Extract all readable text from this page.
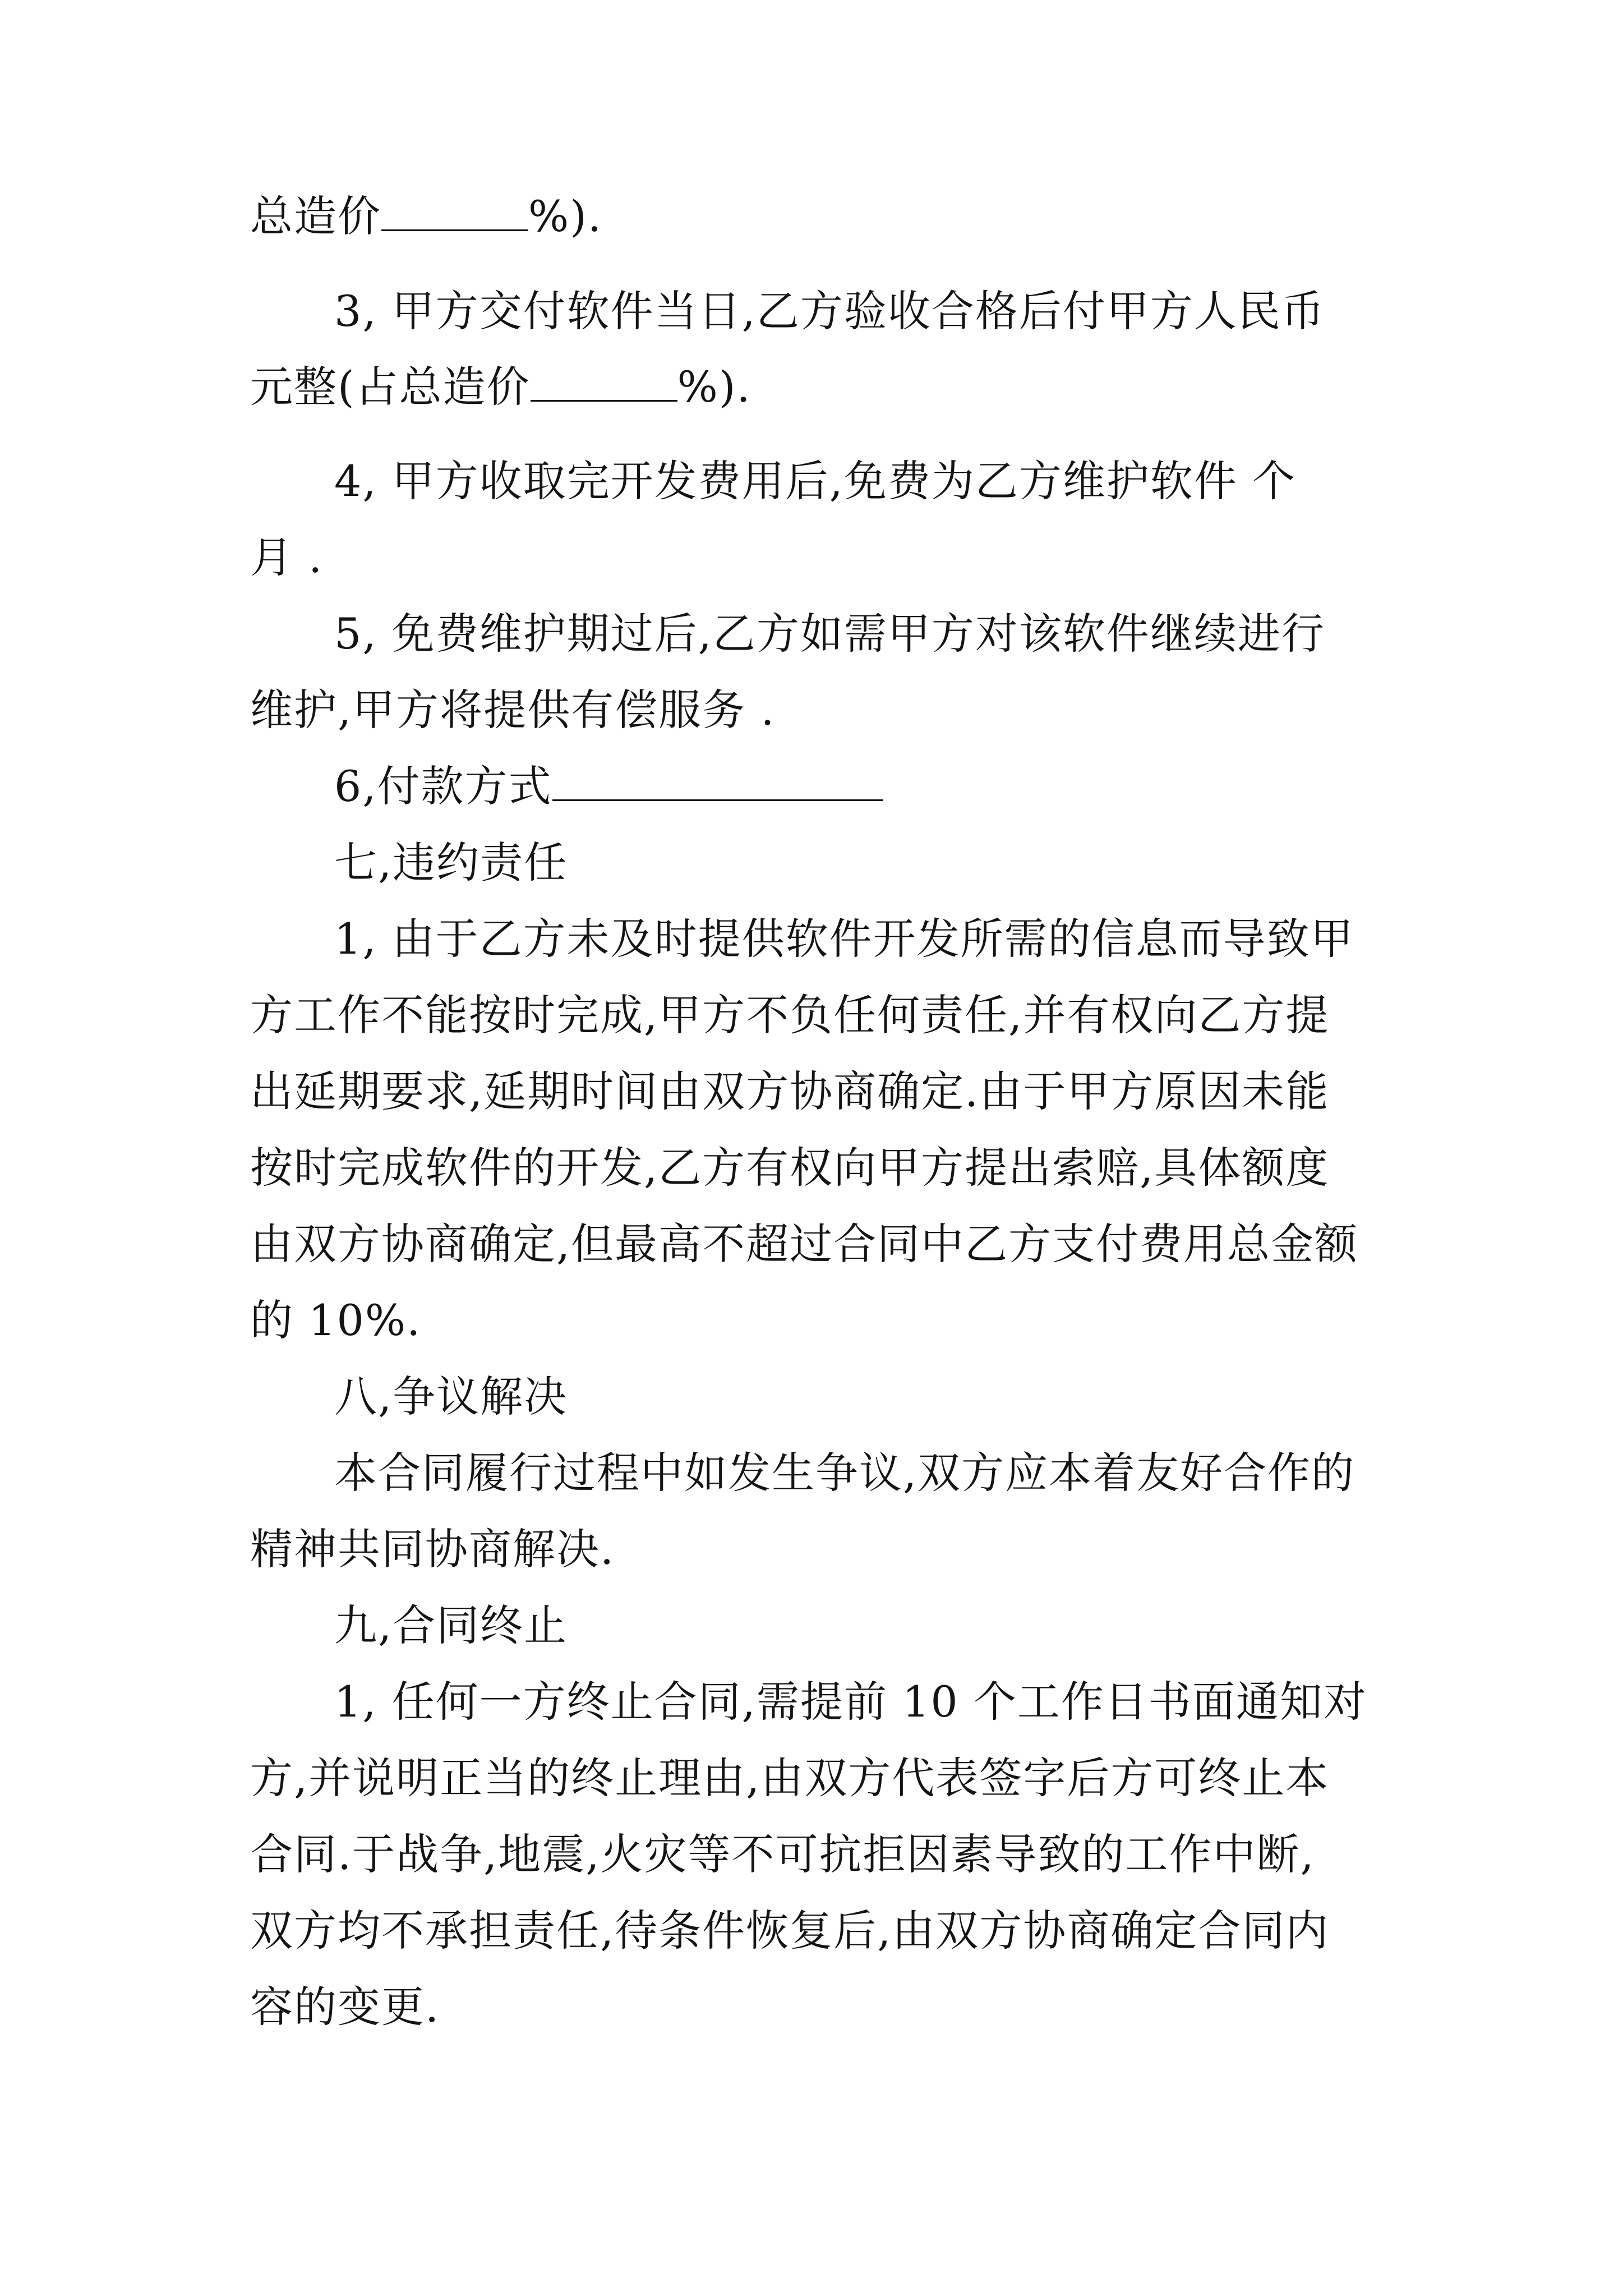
总造价	%).
3, 甲方交付软件当日,乙方验收合格后付甲方人民币
元整(占总造价	%).
4, 甲方收取完开发费用后,免费为乙方维护软件 个
月 .
5, 免费维护期过后,乙方如需甲方对该软件继续进行
维护,甲方将提供有偿服务 .
6,付款方式
七,违约责任
1, 由于乙方未及时提供软件开发所需的信息而导致甲
方工作不能按时完成,甲方不负任何责任,并有权向乙方提
出延期要求,延期时间由双方协商确定.由于甲方原因未能
按时完成软件的开发,乙方有权向甲方提出索赔,具体额度
由双方协商确定,但最高不超过合同中乙方支付费用总金额
的 10%.
八,争议解决
本合同履行过程中如发生争议,双方应本着友好合作的
精神共同协商解决.
九,合同终止
1, 任何一方终止合同,需提前 10 个工作日书面通知对
方,并说明正当的终止理由,由双方代表签字后方可终止本
合同.于战争,地震,火灾等不可抗拒因素导致的工作中断,
双方均不承担责任,待条件恢复后,由双方协商确定合同内
容的变更.
